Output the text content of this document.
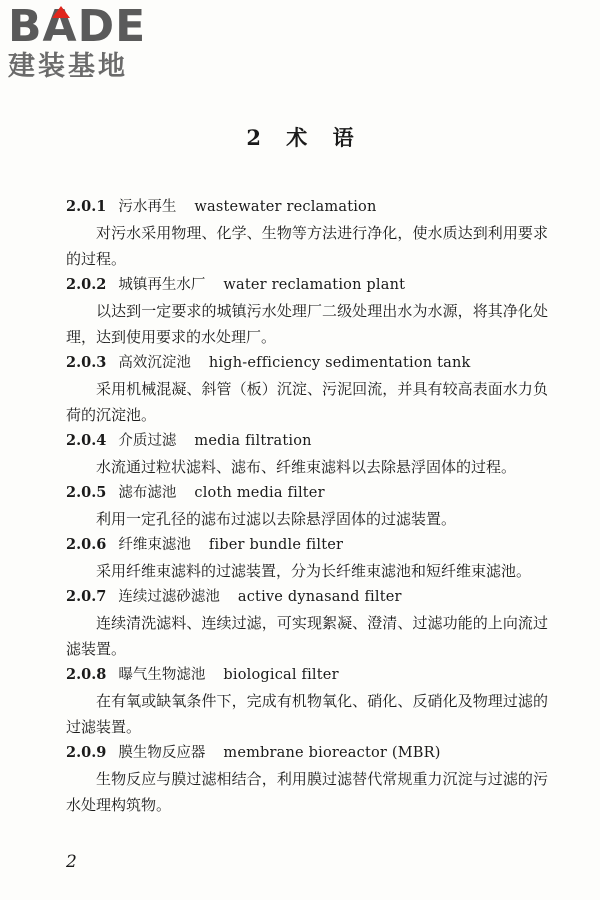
BADE
建装基地
2 术 语
2.0.1 污水再生 wastewater reclamation

对污水采用物理、化学、生物等方法进行净化，使水质达到利用要求的过程。

2.0.2 城镇再生水厂 water reclamation plant

以达到一定要求的城镇污水处理厂二级处理出水为水源，将其净化处理，达到使用要求的水处理厂。

2.0.3 高效沉淀池 high-efficiency sedimentation tank

采用机械混凝、斜管（板）沉淀、污泥回流，并具有较高表面水力负荷的沉淀池。

2.0.4 介质过滤 media filtration

水流通过粒状滤料、滤布、纤维束滤料以去除悬浮固体的过程。

2.0.5 滤布滤池 cloth media filter

利用一定孔径的滤布过滤以去除悬浮固体的过滤装置。

2.0.6 纤维束滤池 fiber bundle filter

采用纤维束滤料的过滤装置，分为长纤维束滤池和短纤维束滤池。

2.0.7 连续过滤砂滤池 active dynasand filter

连续清洗滤料、连续过滤，可实现絮凝、澄清、过滤功能的上向流过滤装置。

2.0.8 曝气生物滤池 biological filter

在有氧或缺氧条件下，完成有机物氧化、硝化、反硝化及物理过滤的过滤装置。

2.0.9 膜生物反应器 membrane bioreactor (MBR)

生物反应与膜过滤相结合，利用膜过滤替代常规重力沉淀与过滤的污水处理构筑物。

2
